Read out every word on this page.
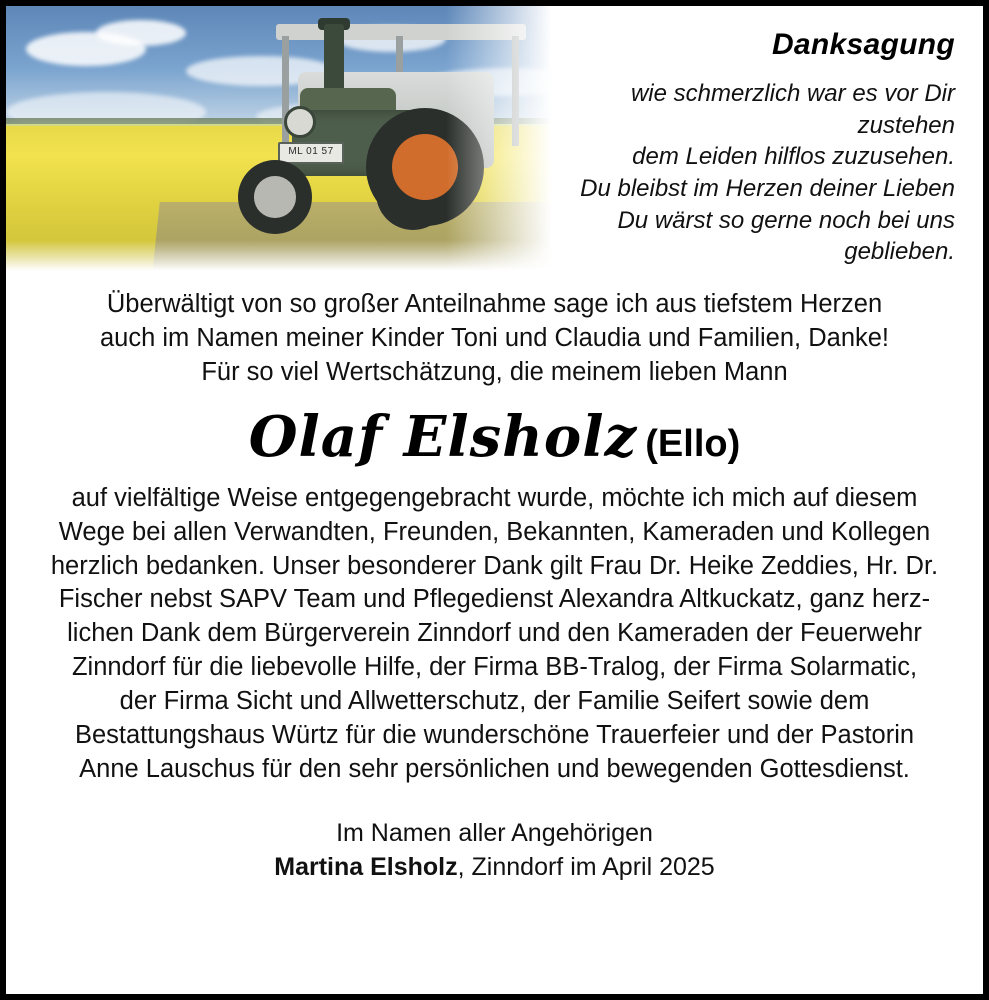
ML 01 57
Danksagung

wie schmerzlich war es vor Dir zustehen

dem Leiden hilflos zuzusehen.

Du bleibst im Herzen deiner Lieben

Du wärst so gerne noch bei uns geblieben.

Überwältigt von so großer Anteilnahme sage ich aus tiefstem Herzen
auch im Namen meiner Kinder Toni und Claudia und Familien, Danke!
Für so viel Wertschätzung, die meinem lieben Mann
Olaf Elsholz (Ello)
auf vielfältige Weise entgegengebracht wurde, möchte ich mich auf diesem
Wege bei allen Verwandten, Freunden, Bekannten, Kameraden und Kollegen
herzlich bedanken. Unser besonderer Dank gilt Frau Dr. Heike Zeddies, Hr. Dr.
Fischer nebst SAPV Team und Pflegedienst Alexandra Altkuckatz, ganz herz-
lichen Dank dem Bürgerverein Zinndorf und den Kameraden der Feuerwehr
Zinndorf für die liebevolle Hilfe, der Firma BB-Tralog, der Firma Solarmatic,
der Firma Sicht und Allwetterschutz, der Familie Seifert sowie dem
Bestattungshaus Würtz für die wunderschöne Trauerfeier und der Pastorin
Anne Lauschus für den sehr persönlichen und bewegenden Gottesdienst.
Im Namen aller Angehörigen
Martina Elsholz, Zinndorf im April 2025
